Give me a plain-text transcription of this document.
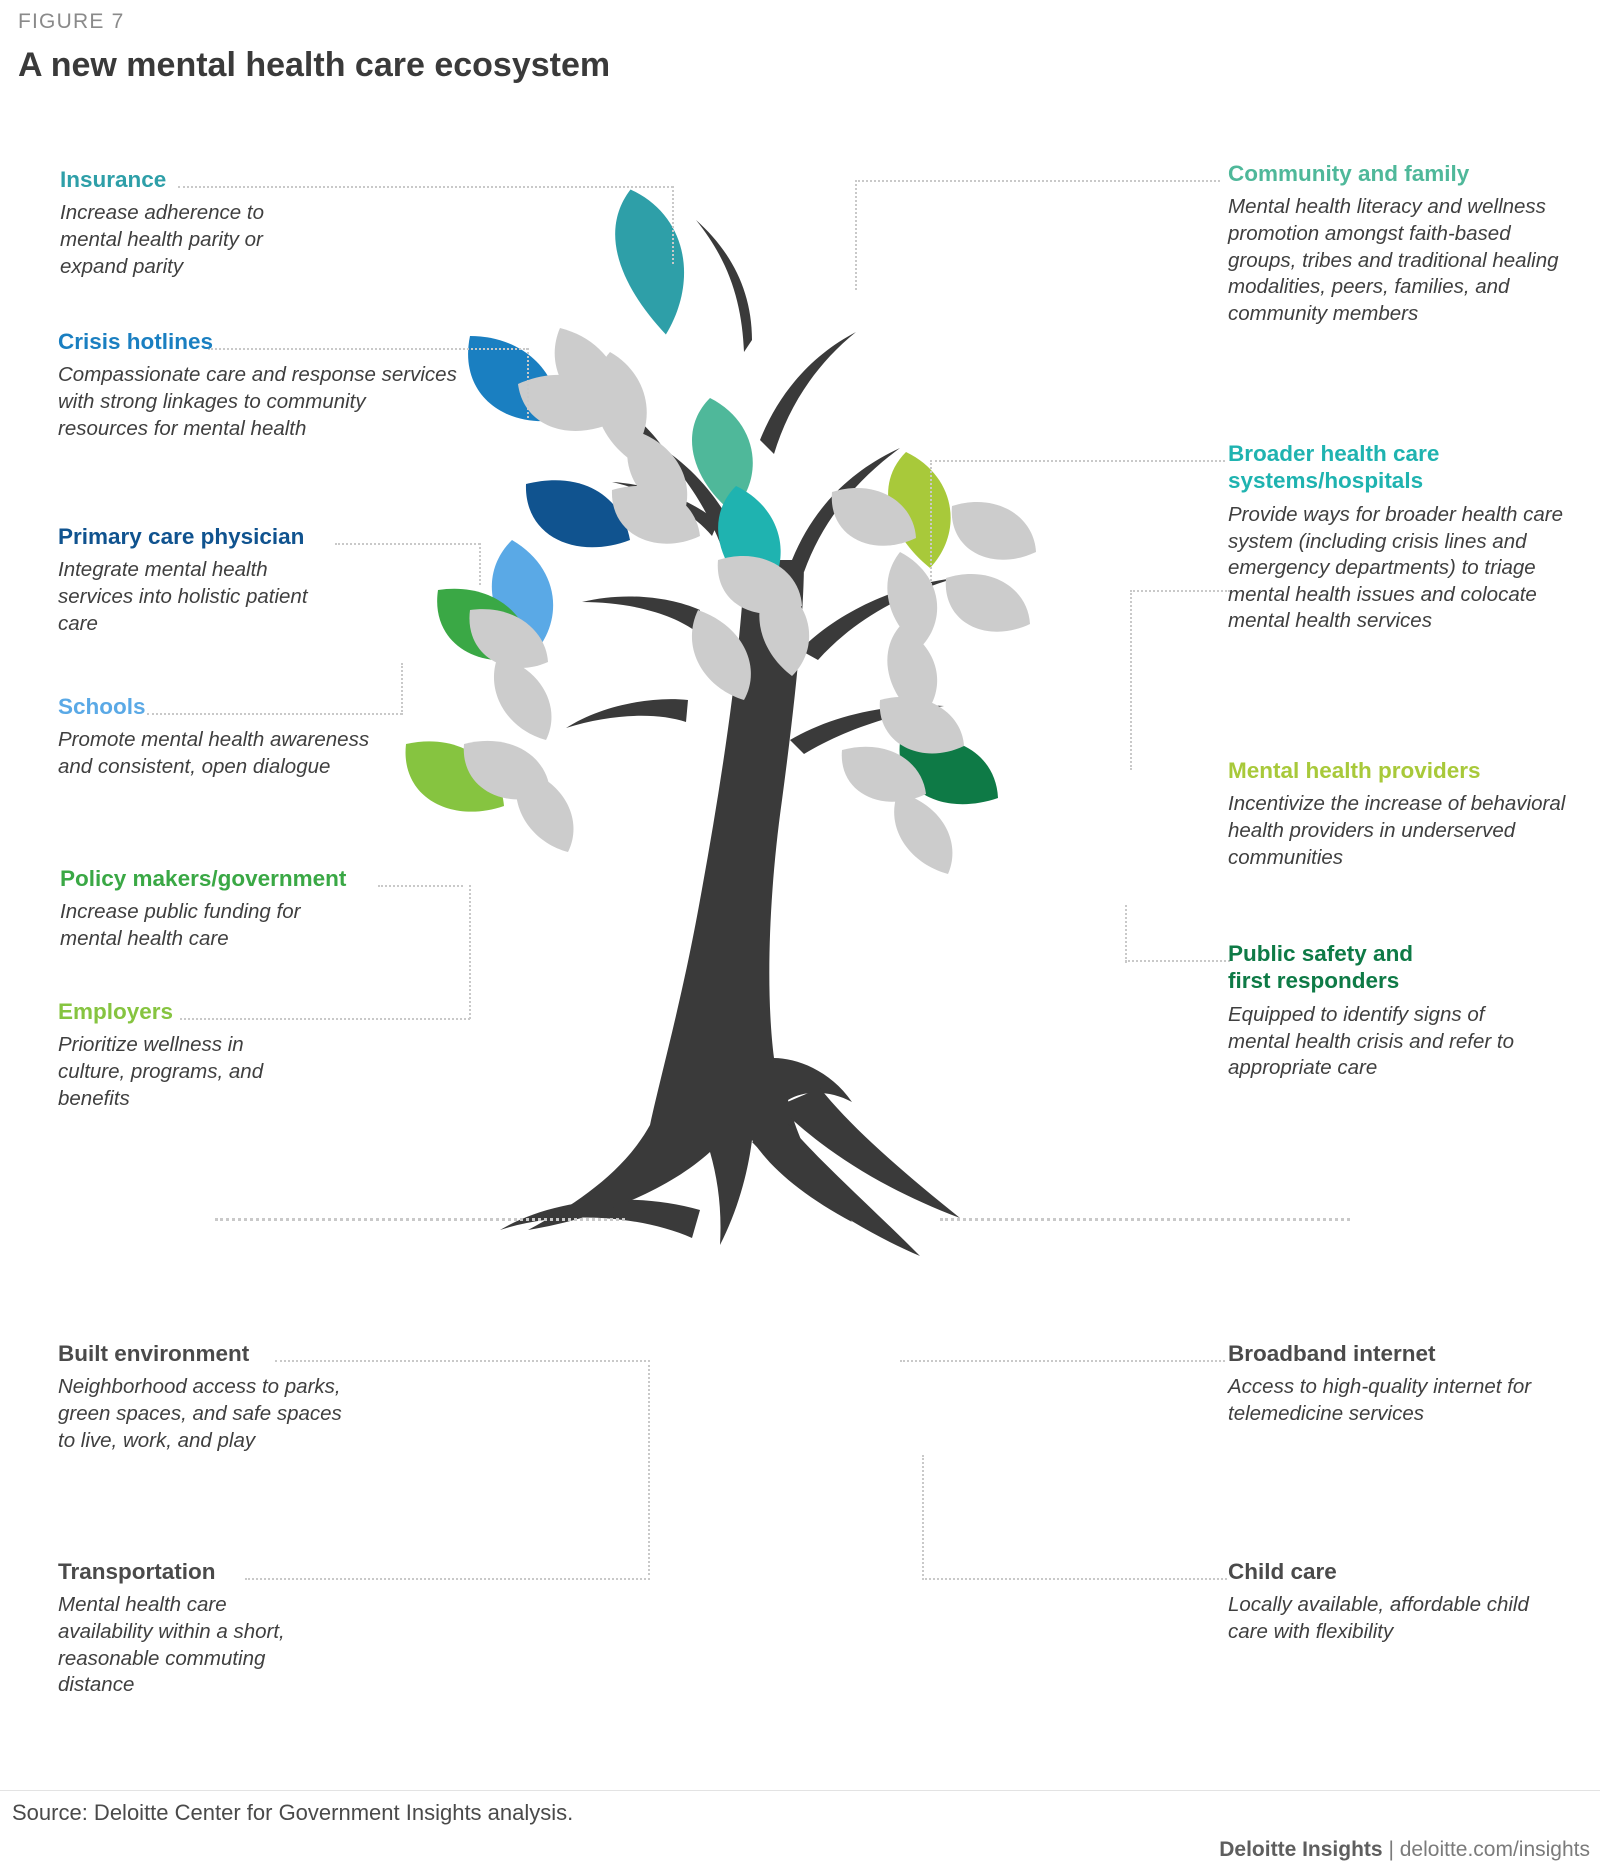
FIGURE 7
A new mental health care ecosystem
Insurance
Increase adherence to mental health parity or expand parity
Crisis hotlines
Compassionate care and response services with strong linkages to community resources for mental health
Primary care physician
Integrate mental health services into holistic patient care
Schools
Promote mental health awareness and consistent, open dialogue
Policy makers/government
Increase public funding for mental health care
Employers
Prioritize wellness in culture, programs, and benefits
Community and family
Mental health literacy and wellness promotion amongst faith-based groups, tribes and traditional healing modalities, peers, families, and community members
Broader health care systems/hospitals
Provide ways for broader health care system (including crisis lines and emergency departments) to triage mental health issues and colocate mental health services
Mental health providers
Incentivize the increase of behavioral health providers in underserved communities
Public safety and first responders
Equipped to identify signs of mental health crisis and refer to appropriate care
Built environment
Neighborhood access to parks, green spaces, and safe spaces to live, work, and play
Transportation
Mental health care availability within a short, reasonable commuting distance
Broadband internet
Access to high-quality internet for telemedicine services
Child care
Locally available, affordable child care with flexibility
Source: Deloitte Center for Government Insights analysis.
Deloitte Insights | deloitte.com/insights
